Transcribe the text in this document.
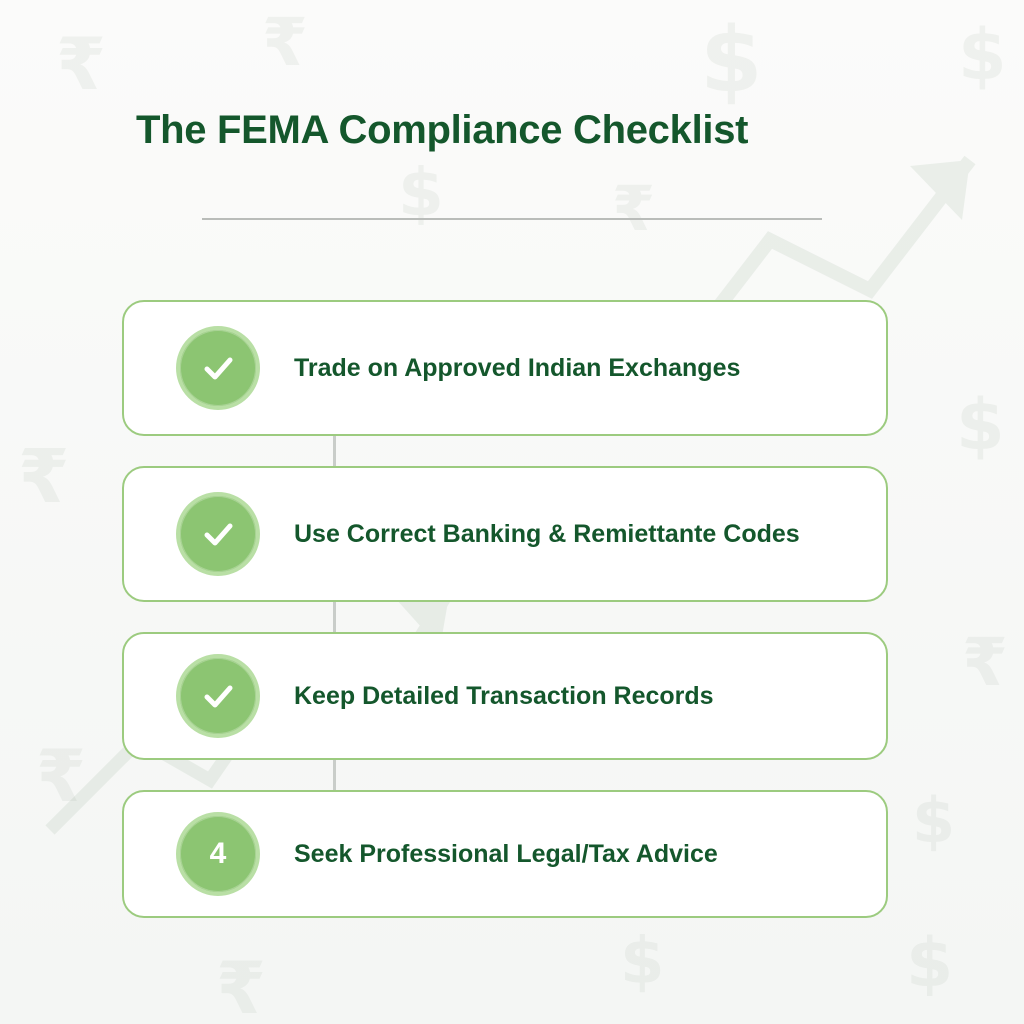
₹ ₹	$	$
$	₹
₹
$
₹
₹
$
$
₹	$
The FEMA Compliance Checklist
Trade on Approved Indian Exchanges
Use Correct Banking & Remiettante Codes
Keep Detailed Transaction Records
4	Seek Professional Legal/Tax Advice
